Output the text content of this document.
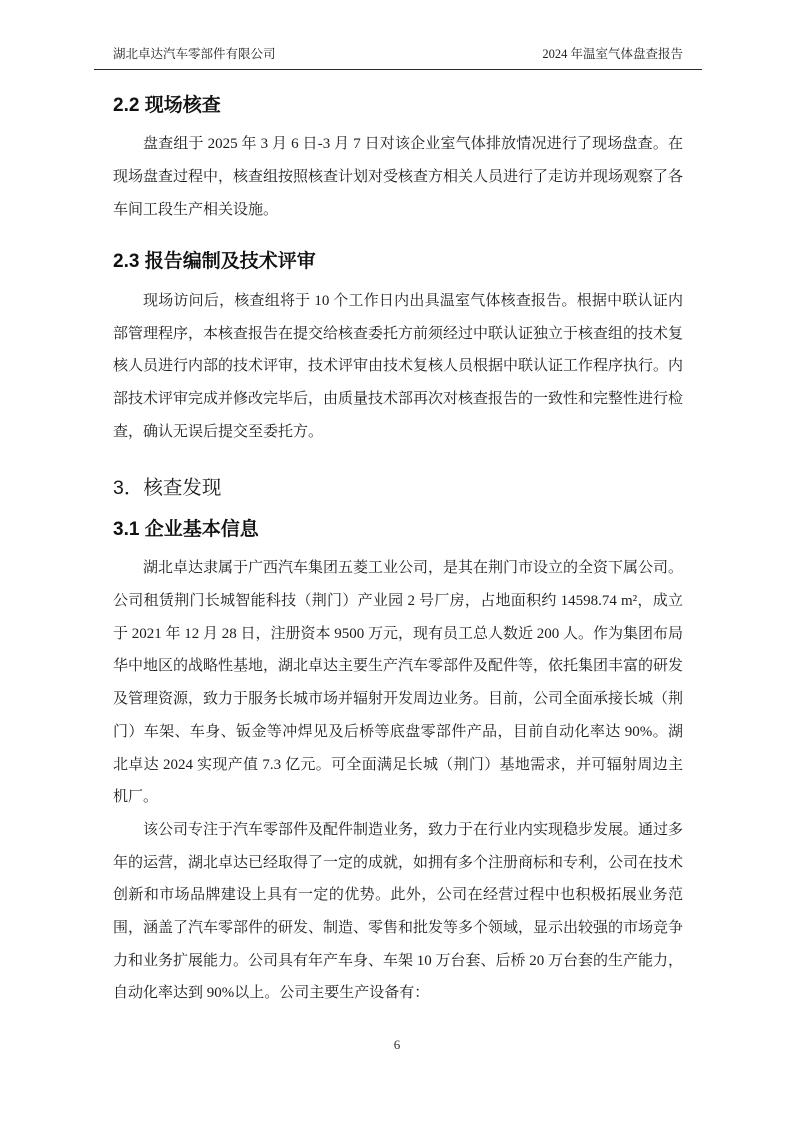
湖北卓达汽车零部件有限公司	2024 年温室气体盘查报告
2.2 现场核查

盘查组于 2025 年 3 月 6 日-3 月 7 日对该企业室气体排放情况进行了现场盘查。在现场盘查过程中，核查组按照核查计划对受核查方相关人员进行了走访并现场观察了各车间工段生产相关设施。

2.3 报告编制及技术评审

现场访问后，核查组将于 10 个工作日内出具温室气体核查报告。根据中联认证内部管理程序，本核查报告在提交给核查委托方前须经过中联认证独立于核查组的技术复核人员进行内部的技术评审，技术评审由技术复核人员根据中联认证工作程序执行。内部技术评审完成并修改完毕后，由质量技术部再次对核查报告的一致性和完整性进行检查，确认无误后提交至委托方。

3．核查发现
3.1 企业基本信息

湖北卓达隶属于广西汽车集团五菱工业公司，是其在荆门市设立的全资下属公司。公司租赁荆门长城智能科技（荆门）产业园 2 号厂房，占地面积约 14598.74 m²，成立于 2021 年 12 月 28 日，注册资本 9500 万元，现有员工总人数近 200 人。作为集团布局华中地区的战略性基地，湖北卓达主要生产汽车零部件及配件等，依托集团丰富的研发及管理资源，致力于服务长城市场并辐射开发周边业务。目前，公司全面承接长城（荆门）车架、车身、钣金等冲焊见及后桥等底盘零部件产品，目前自动化率达 90%。湖北卓达 2024 实现产值 7.3 亿元。可全面满足长城（荆门）基地需求，并可辐射周边主机厂。

该公司专注于汽车零部件及配件制造业务，致力于在行业内实现稳步发展。通过多年的运营，湖北卓达已经取得了一定的成就，如拥有多个注册商标和专利，公司在技术创新和市场品牌建设上具有一定的优势。此外，公司在经营过程中也积极拓展业务范围，涵盖了汽车零部件的研发、制造、零售和批发等多个领域，显示出较强的市场竞争力和业务扩展能力。公司具有年产车身、车架 10 万台套、后桥 20 万台套的生产能力，自动化率达到 90%以上。公司主要生产设备有：

6
